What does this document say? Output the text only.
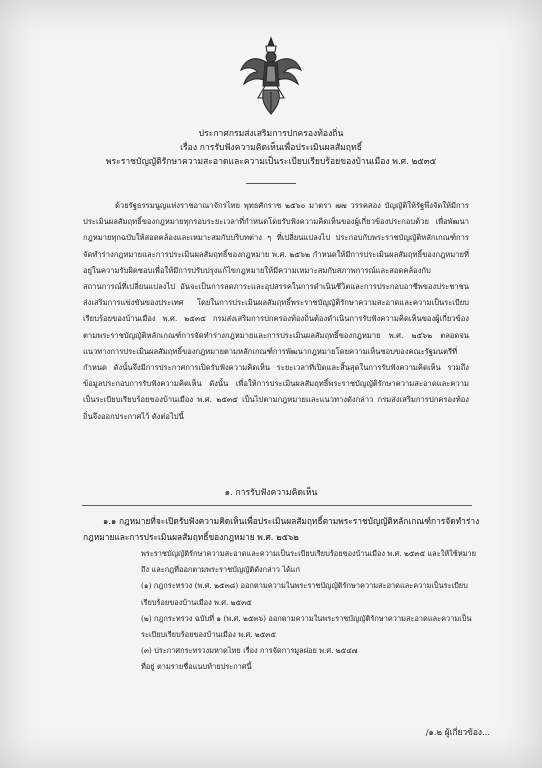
ประกาศกรมส่งเสริมการปกครองท้องถิ่น
เรื่อง การรับฟังความคิดเห็นเพื่อประเมินผลสัมฤทธิ์
พระราชบัญญัติรักษาความสะอาดและความเป็นระเบียบเรียบร้อยของบ้านเมือง พ.ศ. ๒๕๓๕

ด้วยรัฐธรรมนูญแห่งราชอาณาจักรไทย พุทธศักราช ๒๕๖๐ มาตรา ๗๗ วรรคสอง บัญญัติให้รัฐพึงจัดให้มีการประเมินผลสัมฤทธิ์ของกฎหมายทุกรอบระยะเวลาที่กำหนดโดยรับฟังความคิดเห็นของผู้เกี่ยวข้องประกอบด้วย เพื่อพัฒนากฎหมายทุกฉบับให้สอดคล้องและเหมาะสมกับบริบทต่าง ๆ ที่เปลี่ยนแปลงไป ประกอบกับพระราชบัญญัติหลักเกณฑ์การจัดทำร่างกฎหมายและการประเมินผลสัมฤทธิ์ของกฎหมาย พ.ศ. ๒๕๖๒ กำหนดให้มีการประเมินผลสัมฤทธิ์ของกฎหมายที่อยู่ในความรับผิดชอบเพื่อให้มีการปรับปรุงแก้ไขกฎหมายให้มีความเหมาะสมกับสภาพการณ์และสอดคล้องกับสถานการณ์ที่เปลี่ยนแปลงไป อันจะเป็นการลดภาระและอุปสรรคในการดำเนินชีวิตและการประกอบอาชีพของประชาชน ส่งเสริมการแข่งขันของประเทศ โดยในการประเมินผลสัมฤทธิ์พระราชบัญญัติรักษาความสะอาดและความเป็นระเบียบเรียบร้อยของบ้านเมือง พ.ศ. ๒๕๓๕ กรมส่งเสริมการปกครองท้องถิ่นต้องดำเนินการรับฟังความคิดเห็นของผู้เกี่ยวข้อง ตามพระราชบัญญัติหลักเกณฑ์การจัดทำร่างกฎหมายและการประเมินผลสัมฤทธิ์ของกฎหมาย พ.ศ. ๒๕๖๒ ตลอดจนแนวทางการประเมินผลสัมฤทธิ์ของกฎหมายตามหลักเกณฑ์การพัฒนากฎหมายโดยความเห็นชอบของคณะรัฐมนตรีที่กำหนด ดังนั้นจึงมีการประกาศการเปิดรับฟังความคิดเห็น ระยะเวลาที่เปิดและสิ้นสุดในการรับฟังความคิดเห็น รวมถึงข้อมูลประกอบการรับฟังความคิดเห็น ดังนั้น เพื่อให้การประเมินผลสัมฤทธิ์พระราชบัญญัติรักษาความสะอาดและความเป็นระเบียบเรียบร้อยของบ้านเมือง พ.ศ. ๒๕๓๕ เป็นไปตามกฎหมายและแนวทางดังกล่าว กรมส่งเสริมการปกครองท้องถิ่นจึงออกประกาศไว้ ดังต่อไปนี้

๑. การรับฟังความคิดเห็น
๑.๑ กฎหมายที่จะเปิดรับฟังความคิดเห็นเพื่อประเมินผลสัมฤทธิ์ตามพระราชบัญญัติหลักเกณฑ์การจัดทำร่างกฎหมายและการประเมินผลสัมฤทธิ์ของกฎหมาย พ.ศ. ๒๕๖๒

พระราชบัญญัติรักษาความสะอาดและความเป็นระเบียบเรียบร้อยของบ้านเมือง พ.ศ. ๒๕๓๕ และให้ใช้หมายถึง และกฎที่ออกตามพระราชบัญญัติดังกล่าว ได้แก่

(๑) กฎกระทรวง (พ.ศ. ๒๕๓๘) ออกตามความในพระราชบัญญัติรักษาความสะอาดและความเป็นระเบียบเรียบร้อยของบ้านเมือง พ.ศ. ๒๕๓๕

(๒) กฎกระทรวง ฉบับที่ ๑ (พ.ศ. ๒๕๓๖) ออกตามความในพระราชบัญญัติรักษาความสะอาดและความเป็นระเบียบเรียบร้อยของบ้านเมือง พ.ศ. ๒๕๓๕

(๓) ประกาศกระทรวงมหาดไทย เรื่อง การจัดการมูลฝอย พ.ศ. ๒๕๔๗

ที่อยู่ ตามรายชื่อแนบท้ายประกาศนี้

/๑.๒ ผู้เกี่ยวข้อง...
